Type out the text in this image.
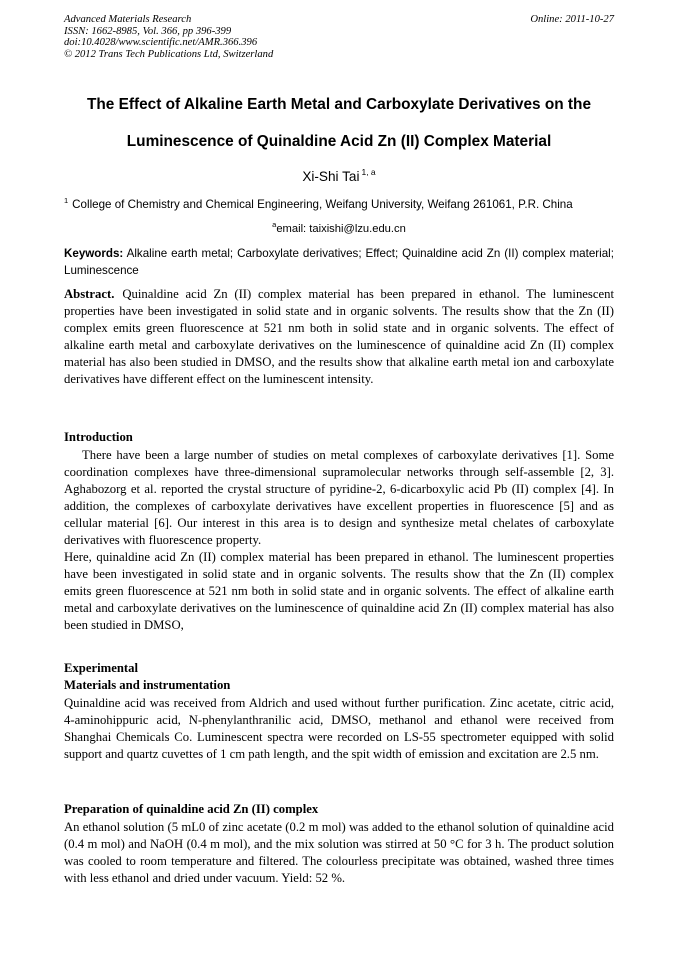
Advanced Materials Research
ISSN: 1662-8985, Vol. 366, pp 396-399
doi:10.4028/www.scientific.net/AMR.366.396
© 2012 Trans Tech Publications Ltd, Switzerland
Online: 2011-10-27
The Effect of Alkaline Earth Metal and Carboxylate Derivatives on the
Luminescence of Quinaldine Acid Zn (II) Complex Material
Xi-Shi Tai $^{1, a}$
$^1$ College of Chemistry and Chemical Engineering, Weifang University, Weifang 261061, P.R. China
$^a$email: taixishi@lzu.edu.cn
Keywords: Alkaline earth metal; Carboxylate derivatives; Effect; Quinaldine acid Zn (II) complex material; Luminescence

Abstract. Quinaldine acid Zn (II) complex material has been prepared in ethanol. The luminescent properties have been investigated in solid state and in organic solvents. The results show that the Zn (II) complex emits green fluorescence at 521 nm both in solid state and in organic solvents. The effect of alkaline earth metal and carboxylate derivatives on the luminescence of quinaldine acid Zn (II) complex material has also been studied in DMSO, and the results show that alkaline earth metal ion and carboxylate derivatives have different effect on the luminescent intensity.

Introduction

There have been a large number of studies on metal complexes of carboxylate derivatives [1]. Some coordination complexes have three-dimensional supramolecular networks through self-assemble [2, 3]. Aghabozorg et al. reported the crystal structure of pyridine-2, 6-dicarboxylic acid Pb (II) complex [4]. In addition, the complexes of carboxylate derivatives have excellent properties in fluorescence [5] and as cellular material [6]. Our interest in this area is to design and synthesize metal chelates of carboxylate derivatives with fluorescence property.

Here, quinaldine acid Zn (II) complex material has been prepared in ethanol. The luminescent properties have been investigated in solid state and in organic solvents. The results show that the Zn (II) complex emits green fluorescence at 521 nm both in solid state and in organic solvents. The effect of alkaline earth metal and carboxylate derivatives on the luminescence of quinaldine acid Zn (II) complex material has also been studied in DMSO,

Experimental
Materials and instrumentation

Quinaldine acid was received from Aldrich and used without further purification. Zinc acetate, citric acid, 4-aminohippuric acid, N-phenylanthranilic acid, DMSO, methanol and ethanol were received from Shanghai Chemicals Co. Luminescent spectra were recorded on LS-55 spectrometer equipped with solid support and quartz cuvettes of 1 cm path length, and the spit width of emission and excitation are 2.5 nm.

Preparation of quinaldine acid Zn (II) complex

An ethanol solution (5 mL0 of zinc acetate (0.2 m mol) was added to the ethanol solution of quinaldine acid (0.4 m mol) and NaOH (0.4 m mol), and the mix solution was stirred at 50 °C for 3 h. The product solution was cooled to room temperature and filtered. The colourless precipitate was obtained, washed three times with less ethanol and dried under vacuum. Yield: 52 %.
